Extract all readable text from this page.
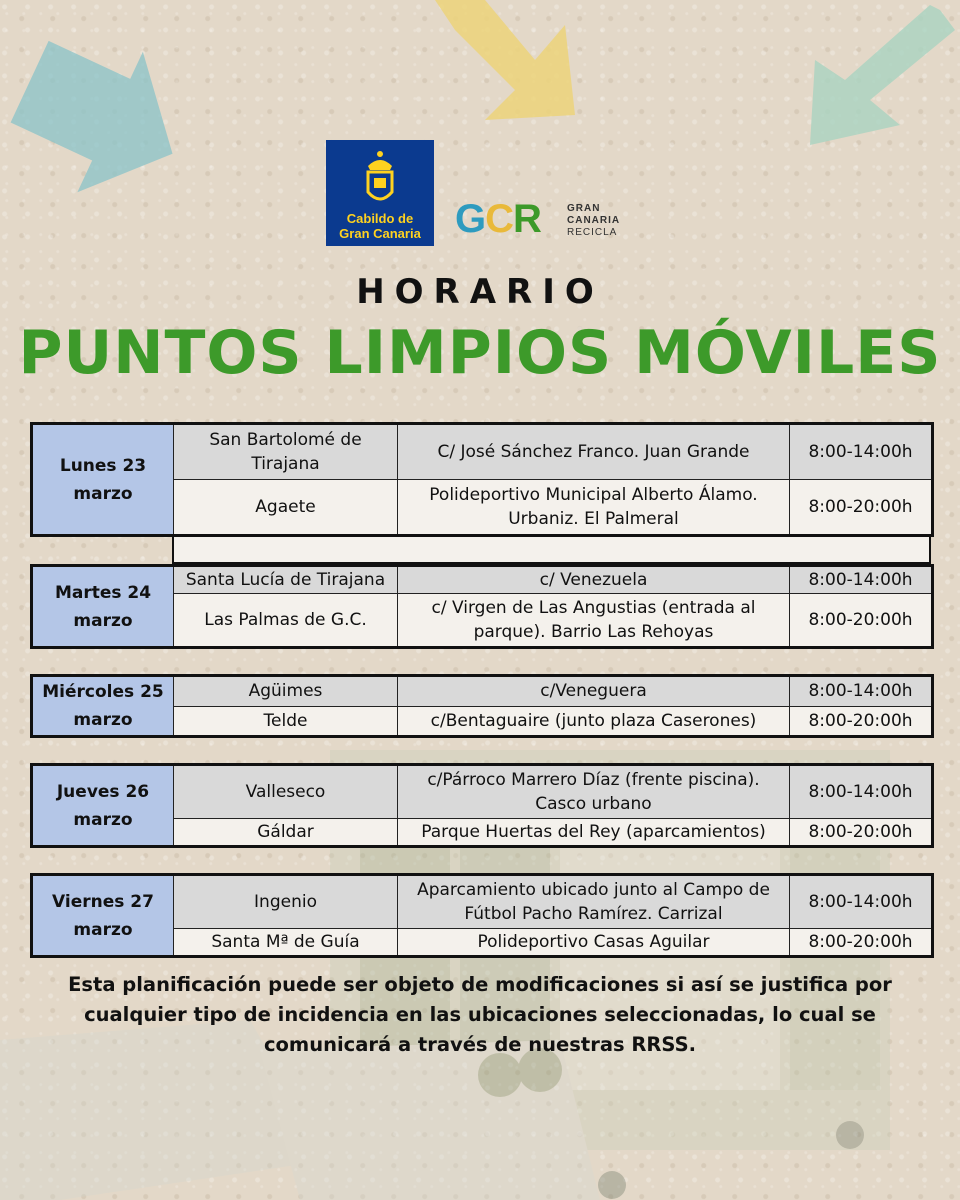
Cabildo de
Gran Canaria GCR	GRAN
CANARIA
RECICLA
HORARIO
PUNTOS LIMPIOS MÓVILES
Lunes 23
marzo	San Bartolomé de Tirajana	C/ José Sánchez Franco. Juan Grande	8:00-14:00h
	Agaete	Polideportivo Municipal Alberto Álamo. Urbaniz. El Palmeral	8:00-20:00h
Martes 24
marzo	Santa Lucía de Tirajana	c/ Venezuela	8:00-14:00h
	Las Palmas de G.C.	c/ Virgen de Las Angustias (entrada al parque). Barrio Las Rehoyas	8:00-20:00h
Miércoles 25
marzo	Agüimes	c/Veneguera	8:00-14:00h
	Telde	c/Bentaguaire (junto plaza Caserones)	8:00-20:00h
Jueves 26
marzo	Valleseco	c/Párroco Marrero Díaz (frente piscina). Casco urbano	8:00-14:00h
	Gáldar	Parque Huertas del Rey (aparcamientos)	8:00-20:00h
Viernes 27
marzo	Ingenio	Aparcamiento ubicado junto al Campo de Fútbol Pacho Ramírez. Carrizal	8:00-14:00h
	Santa Mª de Guía	Polideportivo Casas Aguilar	8:00-20:00h
Esta planificación puede ser objeto de modificaciones si así se justifica por cualquier tipo de incidencia en las ubicaciones seleccionadas, lo cual se comunicará a través de nuestras RRSS.
